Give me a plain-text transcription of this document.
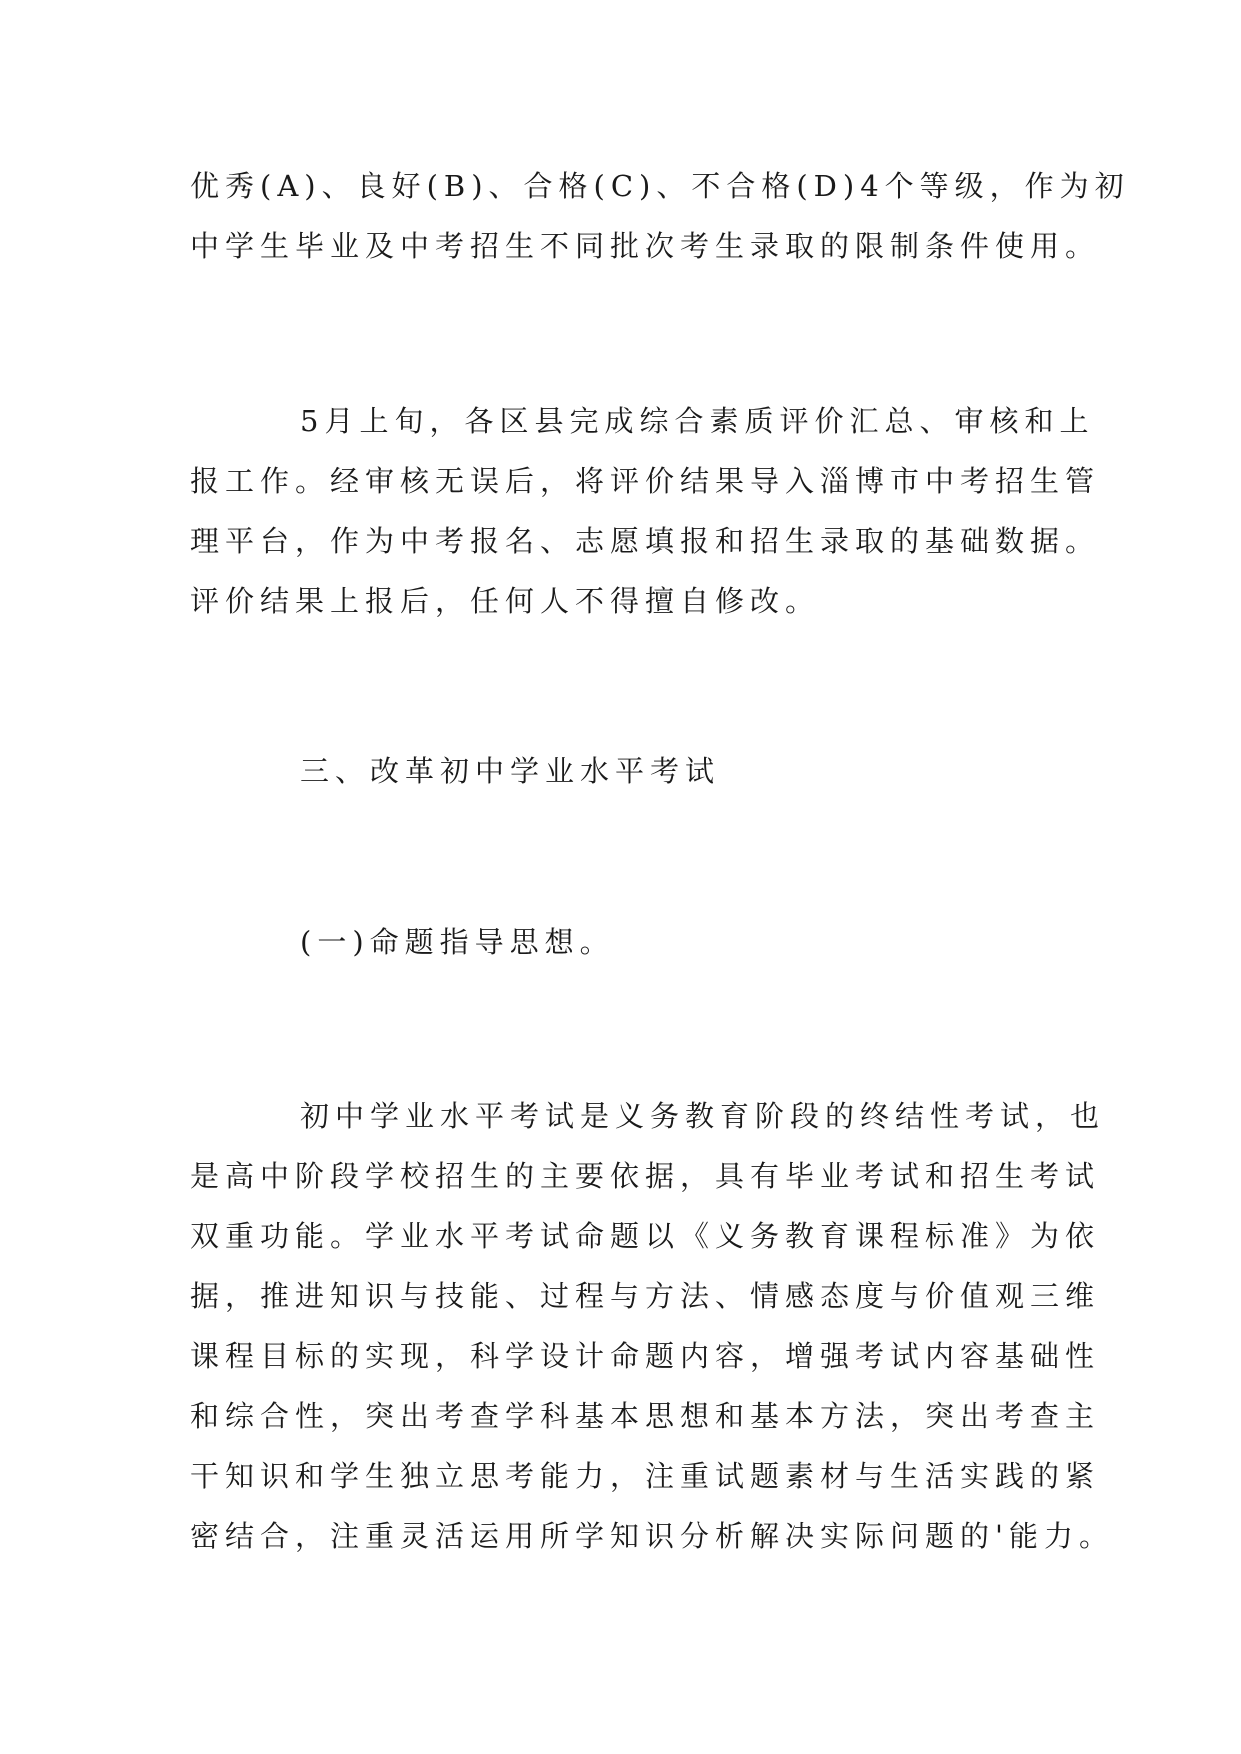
优秀(A)、良好(B)、合格(C)、不合格(D)4个等级，作为初
中学生毕业及中考招生不同批次考生录取的限制条件使用。
5月上旬，各区县完成综合素质评价汇总、审核和上
报工作。经审核无误后，将评价结果导入淄博市中考招生管
理平台，作为中考报名、志愿填报和招生录取的基础数据。
评价结果上报后，任何人不得擅自修改。
三、改革初中学业水平考试
(一)命题指导思想。
初中学业水平考试是义务教育阶段的终结性考试，也
是高中阶段学校招生的主要依据，具有毕业考试和招生考试
双重功能。学业水平考试命题以《义务教育课程标准》为依
据，推进知识与技能、过程与方法、情感态度与价值观三维
课程目标的实现，科学设计命题内容，增强考试内容基础性
和综合性，突出考查学科基本思想和基本方法，突出考查主
干知识和学生独立思考能力，注重试题素材与生活实践的紧
密结合，注重灵活运用所学知识分析解决实际问题的'能力。
